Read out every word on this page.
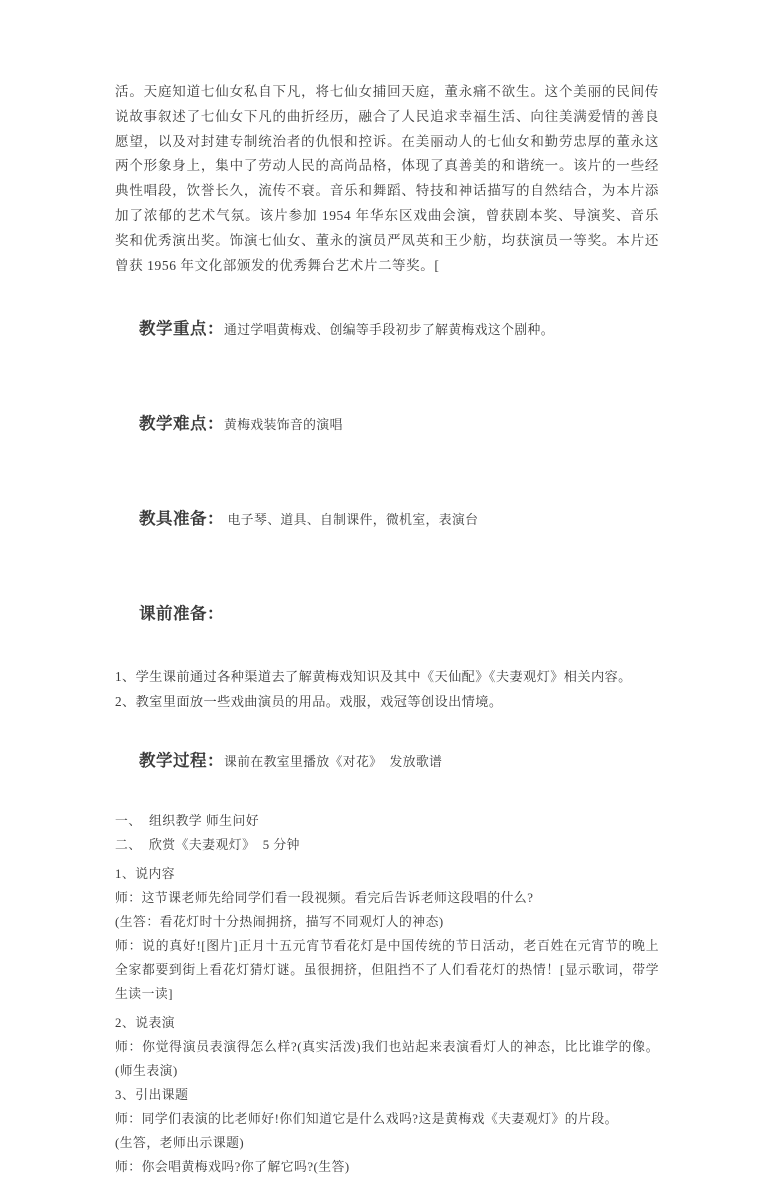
活。天庭知道七仙女私自下凡，将七仙女捕回天庭，董永痛不欲生。这个美丽的民间传说故事叙述了七仙女下凡的曲折经历，融合了人民追求幸福生活、向往美满爱情的善良愿望，以及对封建专制统治者的仇恨和控诉。在美丽动人的七仙女和勤劳忠厚的董永这两个形象身上，集中了劳动人民的高尚品格，体现了真善美的和谐统一。该片的一些经典性唱段，饮誉长久，流传不衰。音乐和舞蹈、特技和神话描写的自然结合，为本片添加了浓郁的艺术气氛。该片参加 1954 年华东区戏曲会演，曾获剧本奖、导演奖、音乐奖和优秀演出奖。饰演七仙女、董永的演员严凤英和王少舫，均获演员一等奖。本片还曾获 1956 年文化部颁发的优秀舞台艺术片二等奖。[

教学重点：通过学唱黄梅戏、创编等手段初步了解黄梅戏这个剧种。

教学难点：黄梅戏装饰音的演唱

教具准备： 电子琴、道具、自制课件，微机室，表演台

课前准备：

1、学生课前通过各种渠道去了解黄梅戏知识及其中《天仙配》《夫妻观灯》相关内容。

2、教室里面放一些戏曲演员的用品。戏服，戏冠等创设出情境。

教学过程：课前在教室里播放《对花》  发放歌谱

一、  组织教学 师生问好

二、  欣赏《夫妻观灯》  5 分钟

1、说内容

师：这节课老师先给同学们看一段视频。看完后告诉老师这段唱的什么?

(生答：看花灯时十分热闹拥挤，描写不同观灯人的神态)

师：说的真好![图片]正月十五元宵节看花灯是中国传统的节日活动，老百姓在元宵节的晚上全家都要到街上看花灯猜灯谜。虽很拥挤，但阻挡不了人们看花灯的热情！[显示歌词，带学生读一读]

2、说表演

师：你觉得演员表演得怎么样?(真实活泼)我们也站起来表演看灯人的神态，比比谁学的像。(师生表演)

3、引出课题

师：同学们表演的比老师好!你们知道它是什么戏吗?这是黄梅戏《夫妻观灯》的片段。

(生答，老师出示课题)

师：你会唱黄梅戏吗?你了解它吗?(生答)
